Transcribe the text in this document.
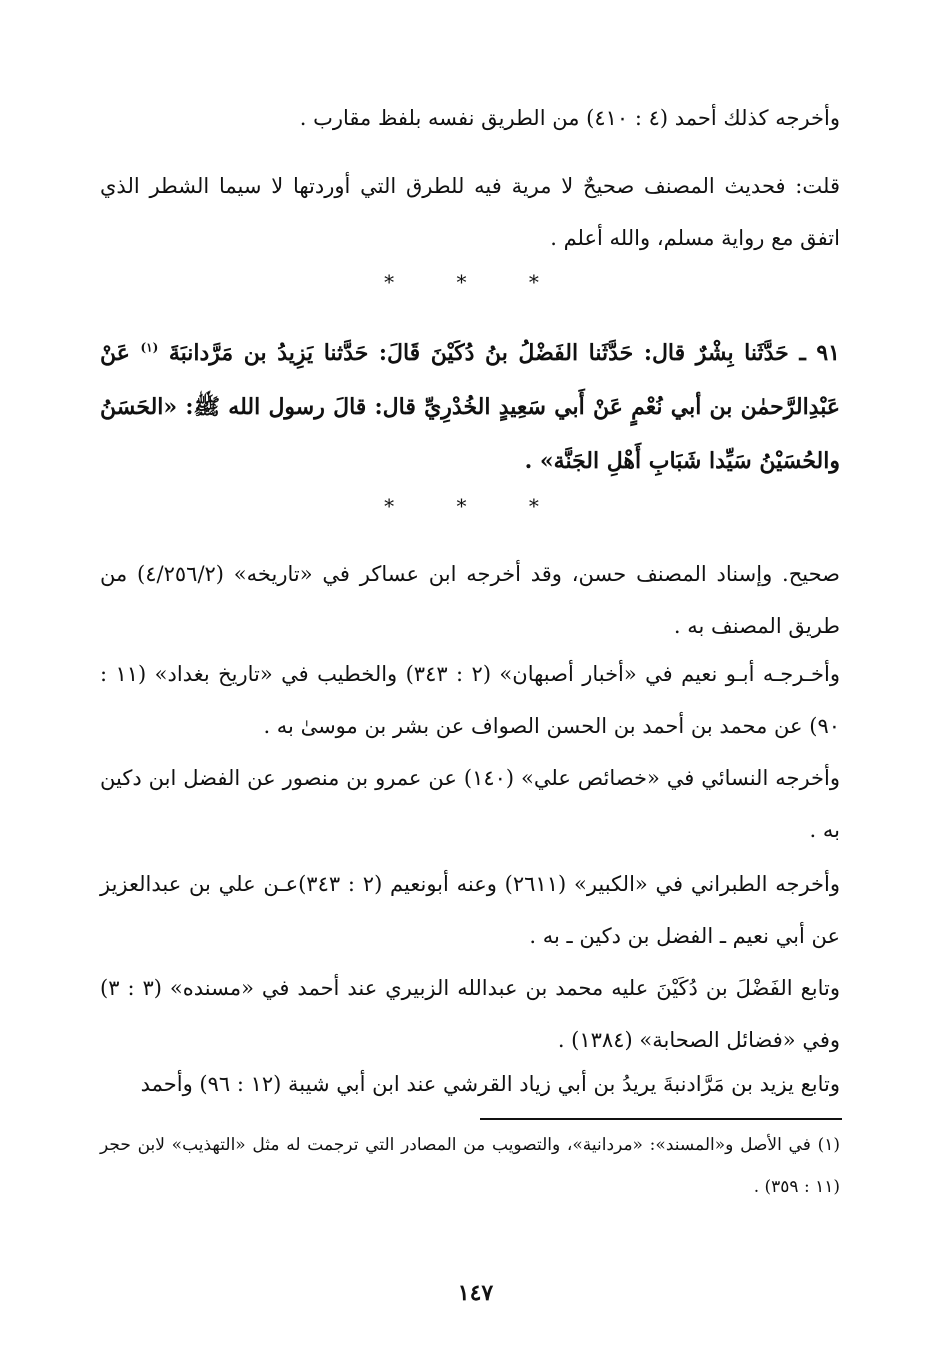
وأخرجه كذلك أحمد (٤ : ٤١٠) من الطريق نفسه بلفظ مقارب .

قلت: فحديث المصنف صحيحٌ لا مرية فيه للطرق التي أوردتها لا سيما الشطر الذي اتفق مع رواية مسلم، والله أعلم .

* * *

٩١ ـ حَدَّثَنا بِشْرٌ قال: حَدَّثَنا الفَضْلُ بنُ دُكَيْنَ قَالَ: حَدَّثنا يَزِيدُ بن مَرَّدانبَةَ $^{(١)}$ عَنْ عَبْدِالرَّحمٰن بن أبي نُعْمٍ عَنْ أَبي سَعِيدٍ الخُدْرِيِّ قال: قالَ رسول الله ﷺ: «الحَسَنُ والحُسَيْنُ سَيِّدا شَبَابِ أَهْلِ الجَنَّة» .

* * *

صحيح. وإسناد المصنف حسن، وقد أخرجه ابن عساكر في «تاريخه» (٤/٢٥٦/٢) من طريق المصنف به .

وأخـرجـه أبـو نعيم في «أخبار أصبهان» (٢ : ٣٤٣) والخطيب في «تاريخ بغداد» (١١ : ٩٠) عن محمد بن أحمد بن الحسن الصواف عن بشر بن موسىٰ به .

وأخرجه النسائي في «خصائص علي» (١٤٠) عن عمرو بن منصور عن الفضل ابن دكين به .

وأخرجه الطبراني في «الكبير» (٢٦١١) وعنه أبونعيم (٢ : ٣٤٣)عـن علي بن عبدالعزيز عن أبي نعيم ـ الفضل بن دكين ـ به .

وتابع الفَضْلَ بن دُكَيْنَ عليه محمد بن عبدالله الزبيري عند أحمد في «مسنده» (٣ : ٣) وفي «فضائل الصحابة» (١٣٨٤) .

وتابع يزيد بن مَرَّادنبةَ يريدُ بن أبي زياد القرشي عند ابن أبي شيبة (١٢ : ٩٦) وأحمد

(١) في الأصل و«المسند»: «مردانية»، والتصويب من المصادر التي ترجمت له مثل «التهذيب» لابن حجر (١١ : ٣٥٩) .

١٤٧
